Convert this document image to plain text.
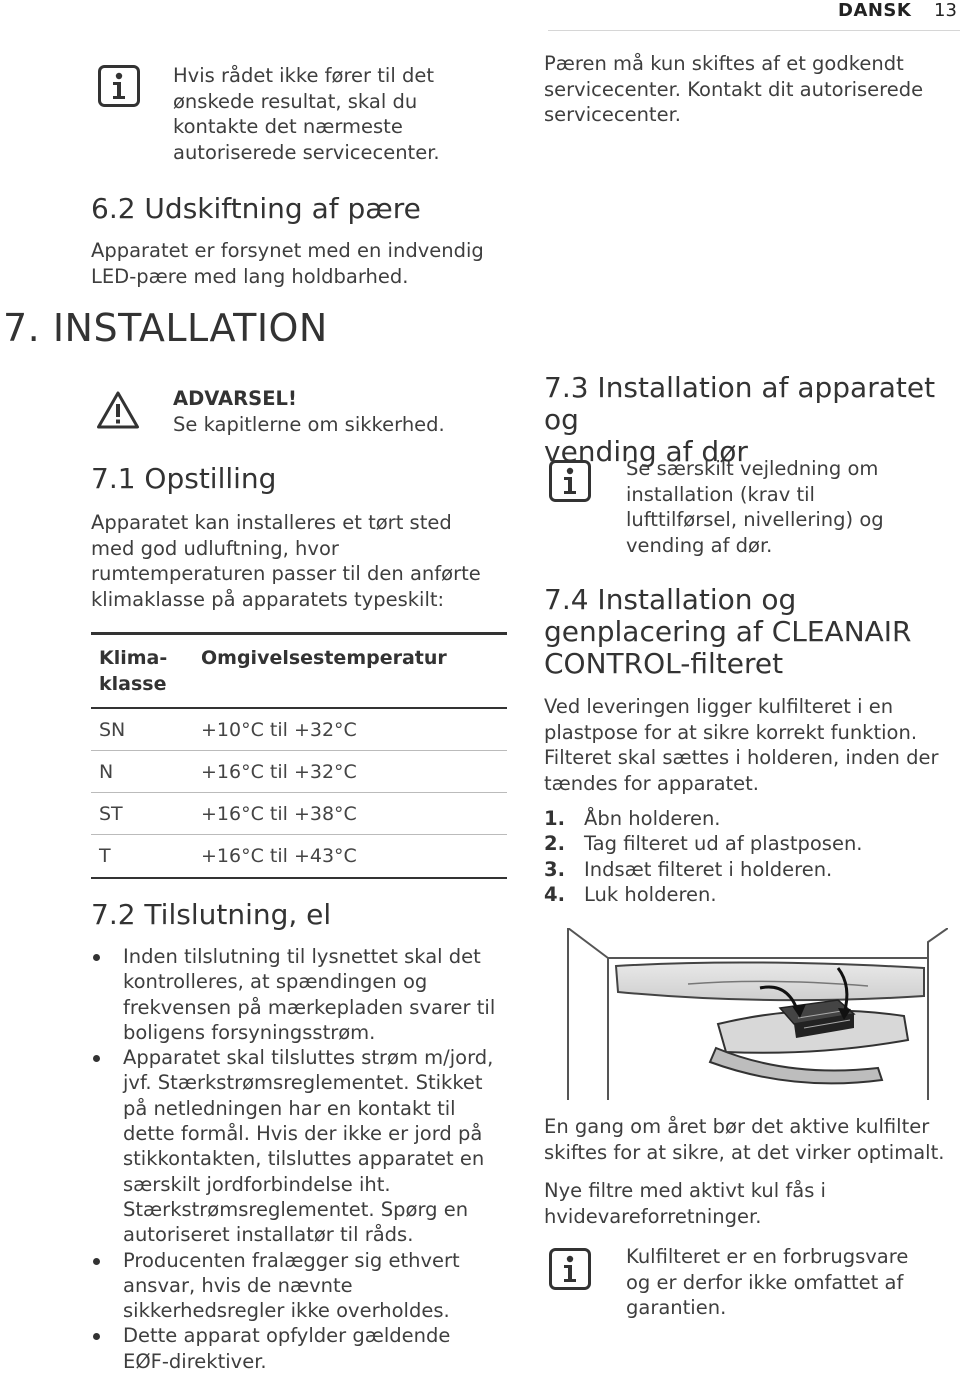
DANSK 13
Hvis rådet ikke fører til det
ønskede resultat, skal du
kontakte det nærmeste
autoriserede servicecenter.
6.2 Udskiftning af pære
Apparatet er forsynet med en indvendig
LED-pære med lang holdbarhed.
7. INSTALLATION
ADVARSEL!
Se kapitlerne om sikkerhed.
7.1 Opstilling
Apparatet kan installeres et tørt sted
med god udluftning, hvor
rumtemperaturen passer til den anførte
klimaklasse på apparatets typeskilt:
Klima-
klasse	Omgivelsestemperatur
SN	+10°C til +32°C
N	+16°C til +32°C
ST	+16°C til +38°C
T	+16°C til +43°C
7.2 Tilslutning, el
Inden tilslutning til lysnettet skal det
kontrolleres, at spændingen og
frekvensen på mærkepladen svarer til
boligens forsyningsstrøm.
Apparatet skal tilsluttes strøm m/jord,
jvf. Stærkstrømsreglementet. Stikket
på netledningen har en kontakt til
dette formål. Hvis der ikke er jord på
stikkontakten, tilsluttes apparatet en
særskilt jordforbindelse iht.
Stærkstrømsreglementet. Spørg en
autoriseret installatør til råds.
Producenten fralægger sig ethvert
ansvar, hvis de nævnte
sikkerhedsregler ikke overholdes.
Dette apparat opfylder gældende
EØF-direktiver.
Pæren må kun skiftes af et godkendt
servicecenter. Kontakt dit autoriserede
servicecenter.
7.3 Installation af apparatet og
vending af dør
Se særskilt vejledning om
installation (krav til
lufttilførsel, nivellering) og
vending af dør.
7.4 Installation og
genplacering af CLEANAIR
CONTROL-filteret
Ved leveringen ligger kulfilteret i en
plastpose for at sikre korrekt funktion.
Filteret skal sættes i holderen, inden der
tændes for apparatet.
1. Åbn holderen.
2. Tag filteret ud af plastposen.
3. Indsæt filteret i holderen.
4. Luk holderen.
En gang om året bør det aktive kulfilter
skiftes for at sikre, at det virker optimalt.
Nye filtre med aktivt kul fås i
hvidevareforretninger.
Kulfilteret er en forbrugsvare
og er derfor ikke omfattet af
garantien.
